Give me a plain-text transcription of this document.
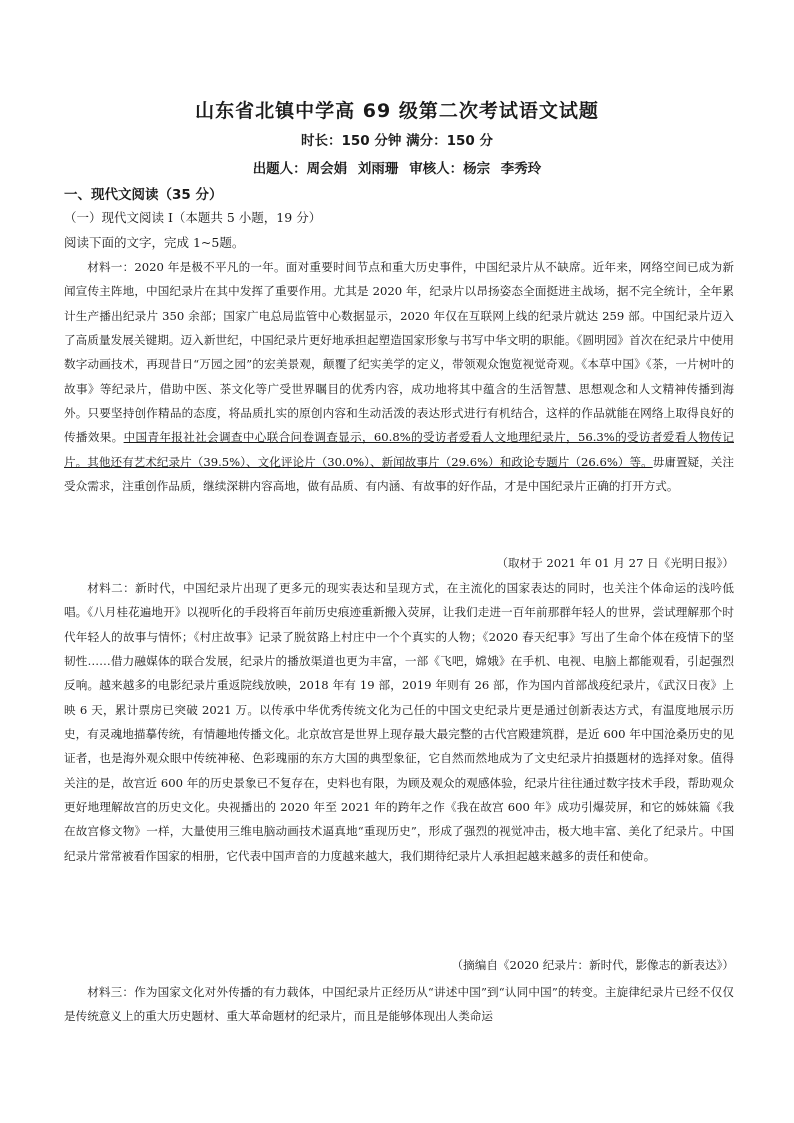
山东省北镇中学高 69 级第二次考试语文试题
时长：150 分钟 满分：150 分
出题人：周会娟 刘雨珊 审核人：杨宗 李秀玲
一、现代文阅读（35 分）
（一）现代文阅读 I（本题共 5 小题，19 分）
阅读下面的文字，完成 1~5题。

材料一：2020 年是极不平凡的一年。面对重要时间节点和重大历史事件，中国纪录片从不缺席。近年来，网络空间已成为新闻宣传主阵地，中国纪录片在其中发挥了重要作用。尤其是 2020 年，纪录片以昂扬姿态全面挺进主战场，据不完全统计，全年累计生产播出纪录片 350 余部；国家广电总局监管中心数据显示，2020 年仅在互联网上线的纪录片就达 259 部。中国纪录片迈入了高质量发展关键期。迈入新世纪，中国纪录片更好地承担起塑造国家形象与书写中华文明的职能。《圆明园》首次在纪录片中使用数字动画技术，再现昔日“万园之园”的宏美景观，颠覆了纪实美学的定义，带领观众饱览视觉奇观。《本草中国》《茶，一片树叶的故事》等纪录片，借助中医、茶文化等广受世界瞩目的优秀内容，成功地将其中蕴含的生活智慧、思想观念和人文精神传播到海外。只要坚持创作精品的态度，将品质扎实的原创内容和生动活泼的表达形式进行有机结合，这样的作品就能在网络上取得良好的传播效果。中国青年报社社会调查中心联合问卷调查显示，60.8%的受访者爱看人文地理纪录片，56.3%的受访者爱看人物传记片。其他还有艺术纪录片（39.5%）、文化评论片（30.0%）、新闻故事片（29.6%）和政论专题片（26.6%）等。毋庸置疑，关注受众需求，注重创作品质，继续深耕内容高地，做有品质、有内涵、有故事的好作品，才是中国纪录片正确的打开方式。

（取材于 2021 年 01 月 27 日《光明日报》）

材料二：新时代，中国纪录片出现了更多元的现实表达和呈现方式，在主流化的国家表达的同时，也关注个体命运的浅吟低唱。《八月桂花遍地开》以视听化的手段将百年前历史痕迹重新搬入荧屏，让我们走进一百年前那群年轻人的世界，尝试理解那个时代年轻人的故事与情怀；《村庄故事》记录了脱贫路上村庄中一个个真实的人物；《2020 春天纪事》写出了生命个体在疫情下的坚韧性……借力融媒体的联合发展，纪录片的播放渠道也更为丰富，一部《飞吧，嫦娥》在手机、电视、电脑上都能观看，引起强烈反响。越来越多的电影纪录片重返院线放映，2018 年有 19 部，2019 年则有 26 部，作为国内首部战疫纪录片，《武汉日夜》上映 6 天，累计票房已突破 2021 万。以传承中华优秀传统文化为己任的中国文史纪录片更是通过创新表达方式，有温度地展示历史，有灵魂地描摹传统，有情趣地传播文化。北京故宫是世界上现存最大最完整的古代宫殿建筑群，是近 600 年中国沧桑历史的见证者，也是海外观众眼中传统神秘、色彩瑰丽的东方大国的典型象征，它自然而然地成为了文史纪录片拍摄题材的选择对象。值得关注的是，故宫近 600 年的历史景象已不复存在，史料也有限，为顾及观众的观感体验，纪录片往往通过数字技术手段，帮助观众更好地理解故宫的历史文化。央视播出的 2020 年至 2021 年的跨年之作《我在故宫 600 年》成功引爆荧屏，和它的姊妹篇《我在故宫修文物》一样，大量使用三维电脑动画技术逼真地“重现历史”，形成了强烈的视觉冲击，极大地丰富、美化了纪录片。中国纪录片常常被看作国家的相册，它代表中国声音的力度越来越大，我们期待纪录片人承担起越来越多的责任和使命。

（摘编自《2020 纪录片：新时代，影像志的新表达》）

材料三：作为国家文化对外传播的有力载体，中国纪录片正经历从“讲述中国”到“认同中国”的转变。主旋律纪录片已经不仅仅是传统意义上的重大历史题材、重大革命题材的纪录片，而且是能够体现出人类命运
